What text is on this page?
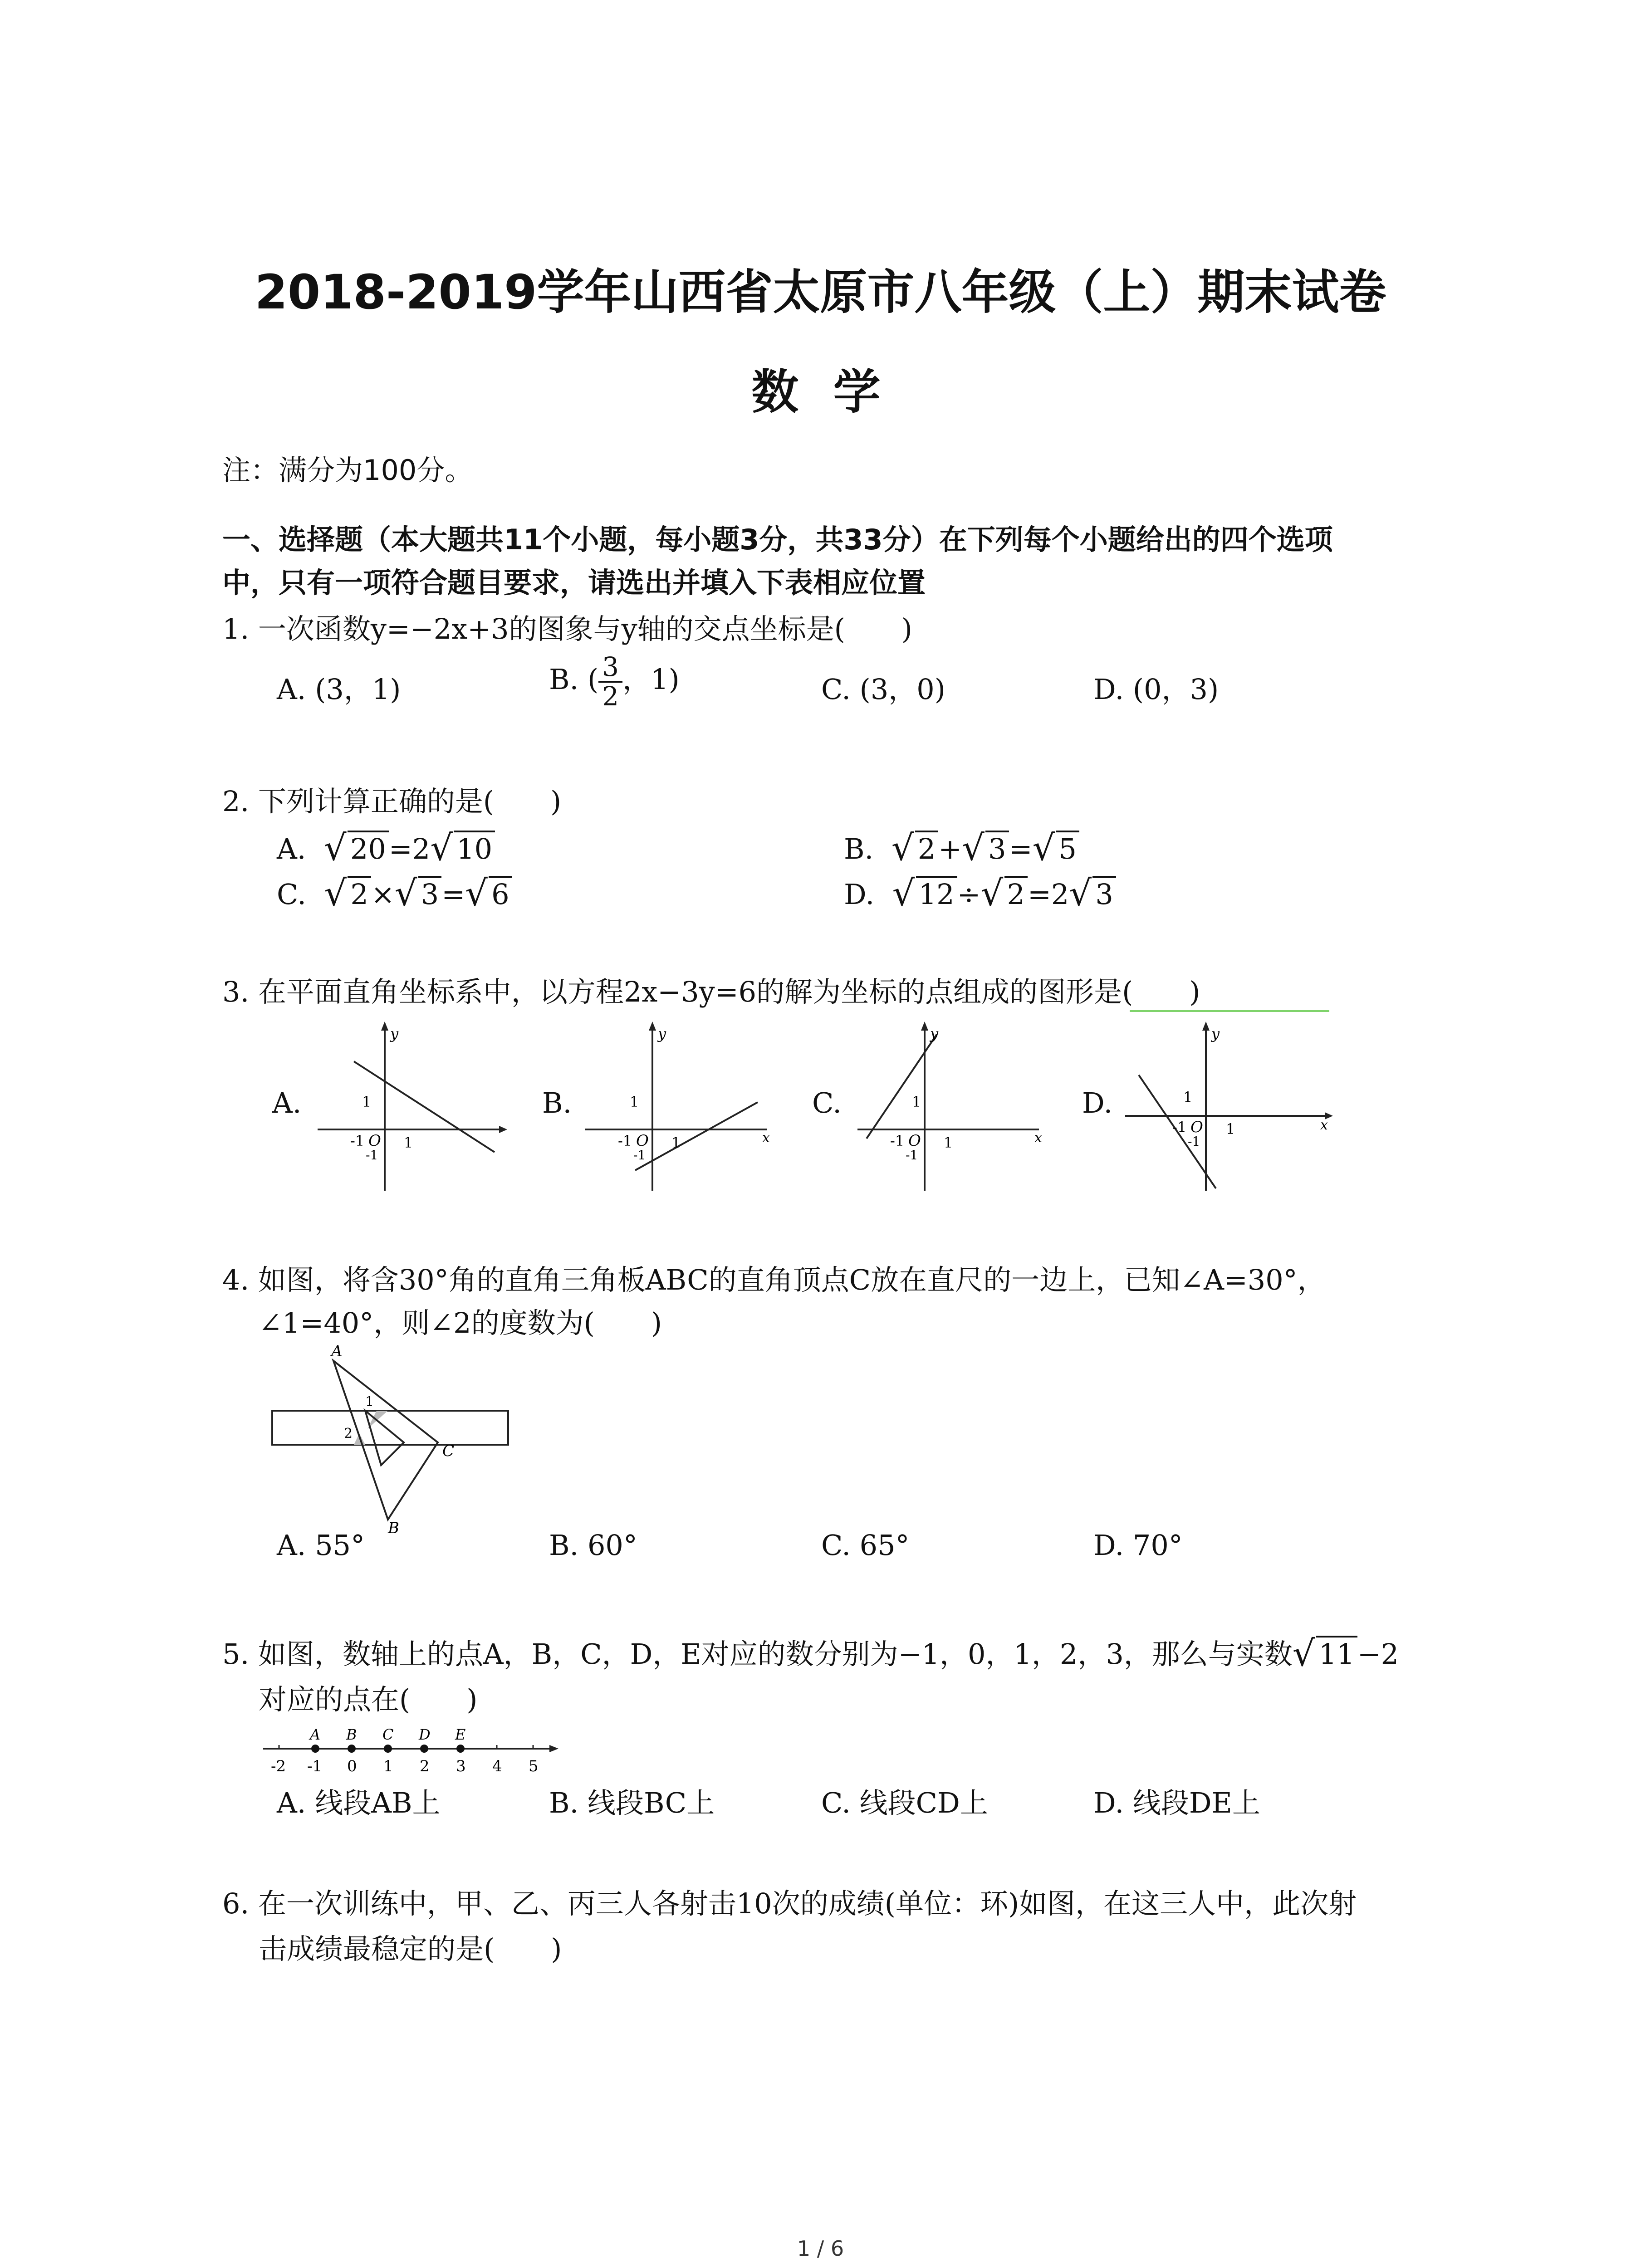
2018-2019学年山西省太原市八年级（上）期末试卷
数 学
注：满分为100分。
一、选择题（本大题共11个小题，每小题3分，共33分）在下列每个小题给出的四个选项
中，只有一项符合题目要求，请选出并填入下表相应位置
1. 一次函数y=−2x+3的图象与y轴的交点坐标是(　　)
A. (3，1)	B. ( $\frac{3}{2}$ ，1)	C. (3，0)	D. (0，3)
2. 下列计算正确的是(　　)
A. √ 20=2 √ 10	B. √ 2+ √ 3= √ 5
C. √ 2× √ 3= √ 6	D. √ 12÷ √ 2=2 √ 3
3. 在平面直角坐标系中，以方程2x−3y=6的解为坐标的点组成的图形是(　　)
A.	B.	C.	D.
y
1
1
-1 O
-1
y
x
1
1
-1 O
-1
y
x
1
1
-1 O
-1
y
x
1
1
-1 O
-1
4. 如图，将含30°角的直角三角板ABC的直角顶点C放在直尺的一边上，已知∠A=30°，
∠1=40°，则∠2的度数为(　　)
A
B
C
1
2
A. 55°	B. 60°	C. 65°	D. 70°
5. 如图，数轴上的点A，B，C，D，E对应的数分别为−1，0，1，2，3，那么与实数 √ 11−2
对应的点在(　　)
A B C D E
-2 -1 0 1 2 3 4 5
A. 线段AB上	B. 线段BC上	C. 线段CD上	D. 线段DE上
6. 在一次训练中，甲、乙、丙三人各射击10次的成绩(单位：环)如图，在这三人中，此次射
击成绩最稳定的是(　　)
1 / 6
